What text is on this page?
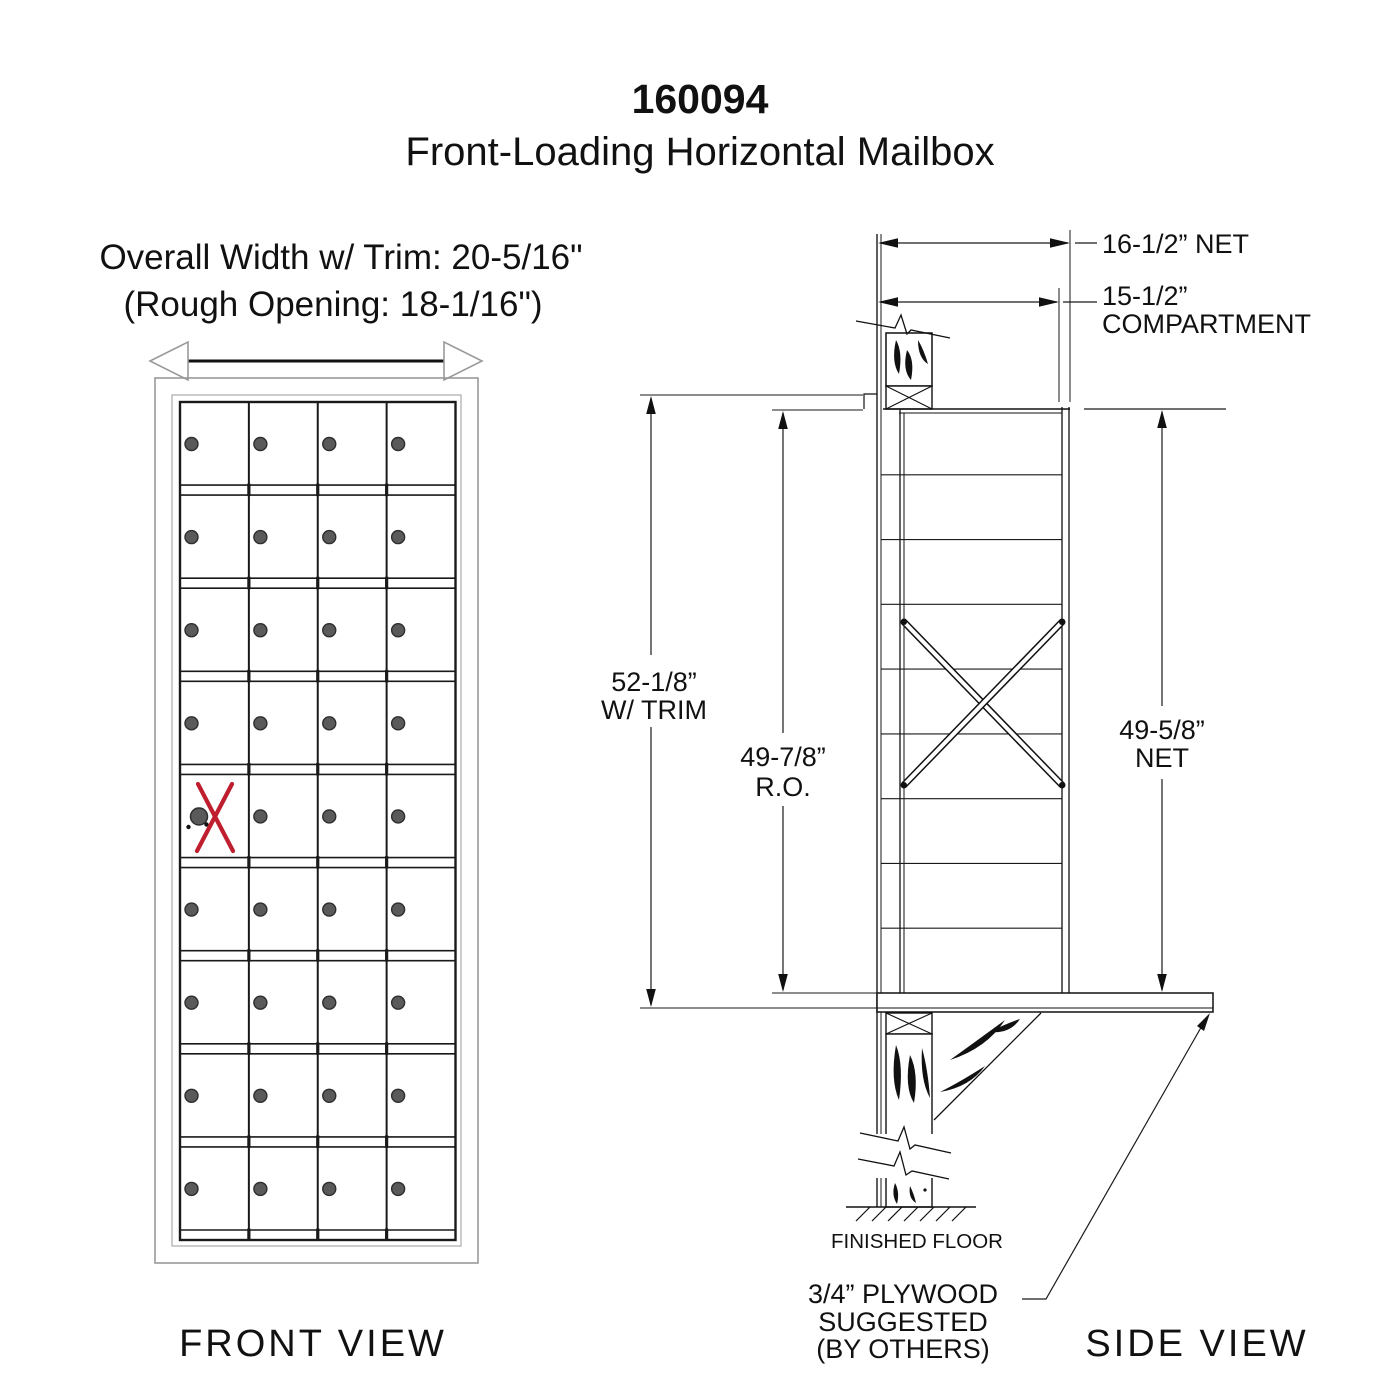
160094
Front-Loading Horizontal Mailbox
Overall Width w/ Trim: 20-5/16"
(Rough Opening: 18-1/16")
FRONT VIEW
16-1/2” NET
15-1/2”
COMPARTMENT
FINISHED FLOOR
52-1/8”
W/ TRIM
49-7/8”
R.O.
49-5/8”
NET
3/4” PLYWOOD
SUGGESTED
(BY OTHERS)	SIDE VIEW
